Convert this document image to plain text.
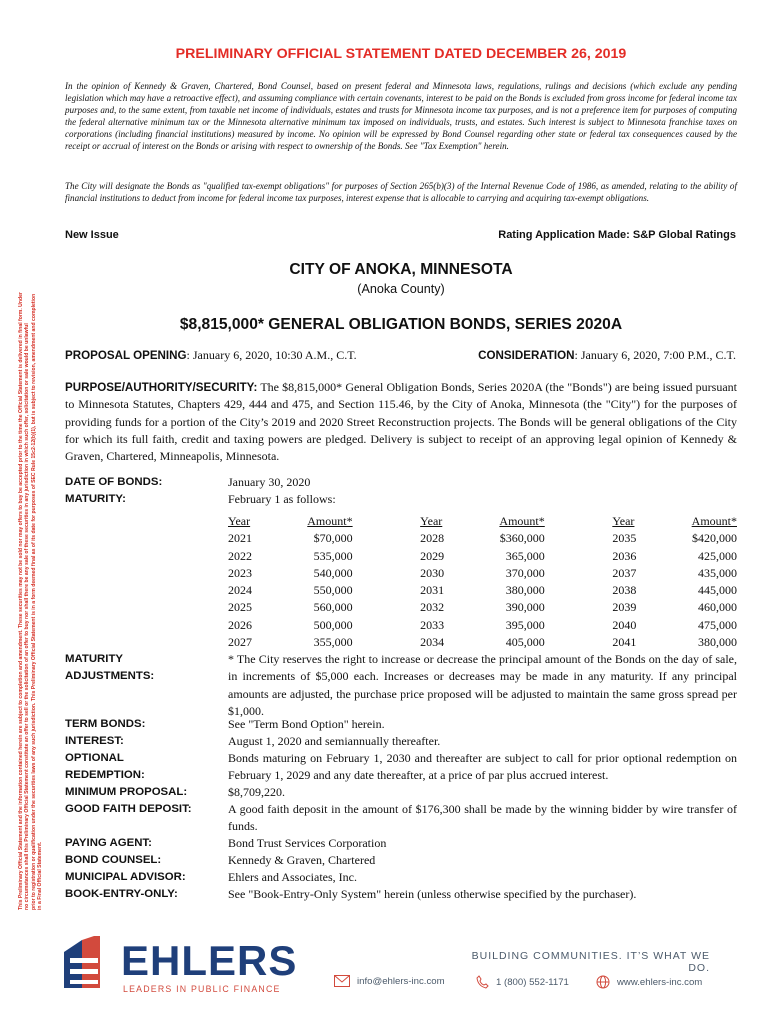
This Preliminary Official Statement and the information contained herein are subject to completion and amendment. These securities may not be sold nor may offers to buy be accepted prior to the time the Official Statement is delivered in final form. Under no circumstances shall this Preliminary Official Statement constitute an offer to sell or the solicitation of an offer to buy nor shall there be any sale of these securities in any jurisdiction in which such offer, solicitation or sale would be unlawful prior to registration or qualification under the securities laws of any such jurisdiction. This Preliminary Official Statement is in a form deemed final as of its date for purposes of SEC Rule 15c2-12(b)(1), but is subject to revision, amendment and completion in a Final Official Statement.
PRELIMINARY OFFICIAL STATEMENT DATED DECEMBER 26, 2019
In the opinion of Kennedy & Graven, Chartered, Bond Counsel, based on present federal and Minnesota laws, regulations, rulings and decisions (which exclude any pending legislation which may have a retroactive effect), and assuming compliance with certain covenants, interest to be paid on the Bonds is excluded from gross income for federal income tax purposes and, to the same extent, from taxable net income of individuals, estates and trusts for Minnesota income tax purposes, and is not a preference item for purposes of computing the federal alternative minimum tax or the Minnesota alternative minimum tax imposed on individuals, trusts, and estates. Such interest is subject to Minnesota franchise taxes on corporations (including financial institutions) measured by income. No opinion will be expressed by Bond Counsel regarding other state or federal tax consequences caused by the receipt or accrual of interest on the Bonds or arising with respect to ownership of the Bonds. See "Tax Exemption" herein.
The City will designate the Bonds as "qualified tax-exempt obligations" for purposes of Section 265(b)(3) of the Internal Revenue Code of 1986, as amended, relating to the ability of financial institutions to deduct from income for federal income tax purposes, interest expense that is allocable to carrying and acquiring tax-exempt obligations.
New Issue	Rating Application Made: S&P Global Ratings
CITY OF ANOKA, MINNESOTA
(Anoka County)
$8,815,000* GENERAL OBLIGATION BONDS, SERIES 2020A
PROPOSAL OPENING: January 6, 2020, 10:30 A.M., C.T.	CONSIDERATION: January 6, 2020, 7:00 P.M., C.T.
PURPOSE/AUTHORITY/SECURITY: The $8,815,000* General Obligation Bonds, Series 2020A (the "Bonds") are being issued pursuant to Minnesota Statutes, Chapters 429, 444 and 475, and Section 115.46, by the City of Anoka, Minnesota (the "City") for the purposes of providing funds for a portion of the City’s 2019 and 2020 Street Reconstruction projects. The Bonds will be general obligations of the City for which its full faith, credit and taxing powers are pledged. Delivery is subject to receipt of an approving legal opinion of Kennedy & Graven, Chartered, Minneapolis, Minnesota.
DATE OF BONDS:	January 30, 2020
MATURITY:	February 1 as follows:
Year	Amount*		Year	Amount*		Year	Amount*
2021	$70,000		2028	$360,000		2035	$420,000
2022	535,000		2029	365,000		2036	425,000
2023	540,000		2030	370,000		2037	435,000
2024	550,000		2031	380,000		2038	445,000
2025	560,000		2032	390,000		2039	460,000
2026	500,000		2033	395,000		2040	475,000
2027	355,000		2034	405,000		2041	380,000
MATURITY
ADJUSTMENTS:
* The City reserves the right to increase or decrease the principal amount of the Bonds on the day of sale, in increments of $5,000 each. Increases or decreases may be made in any maturity. If any principal amounts are adjusted, the purchase price proposed will be adjusted to maintain the same gross spread per $1,000.
TERM BONDS:	See "Term Bond Option" herein.
INTEREST:	August 1, 2020 and semiannually thereafter.
OPTIONAL
REDEMPTION:
Bonds maturing on February 1, 2030 and thereafter are subject to call for prior optional redemption on February 1, 2029 and any date thereafter, at a price of par plus accrued interest.
MINIMUM PROPOSAL:	$8,709,220.
GOOD FAITH DEPOSIT:	A good faith deposit in the amount of $176,300 shall be made by the winning bidder by wire transfer of funds.
PAYING AGENT:	Bond Trust Services Corporation
BOND COUNSEL:	Kennedy & Graven, Chartered
MUNICIPAL ADVISOR:	Ehlers and Associates, Inc.
BOOK-ENTRY-ONLY:	See "Book-Entry-Only System" herein (unless otherwise specified by the purchaser).
EHLERS
LEADERS IN PUBLIC FINANCE
BUILDING COMMUNITIES. IT’S WHAT WE DO.
info@ehlers-inc.com	1 (800) 552-1171	www.ehlers-inc.com
